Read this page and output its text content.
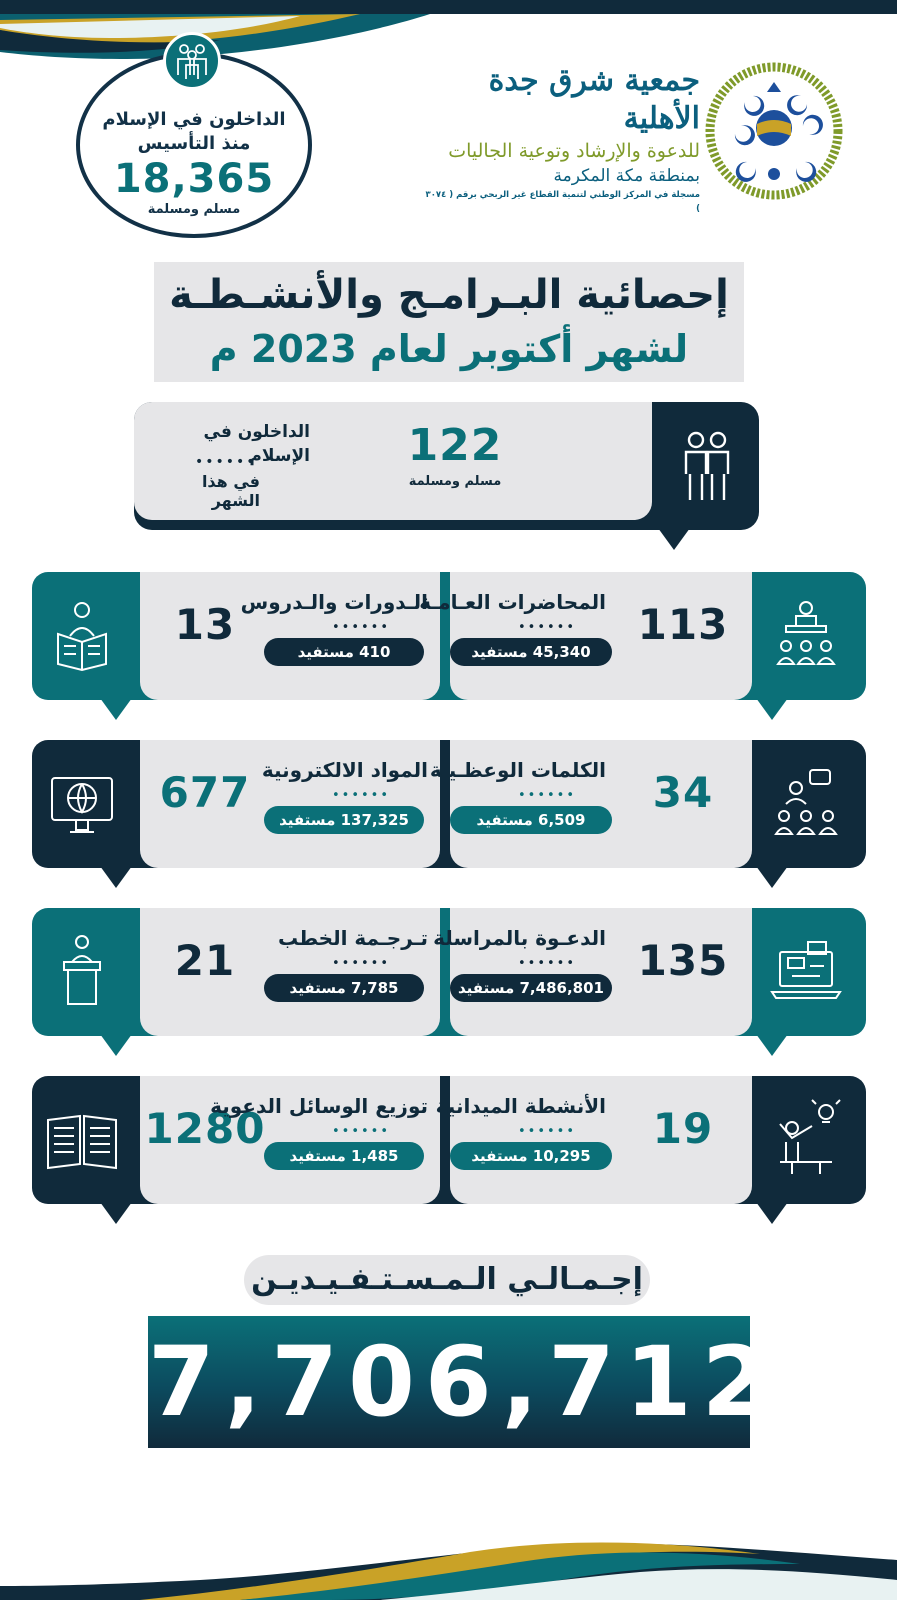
الداخلون في الإسلام
منذ التأسيس
18,365
مسلم ومسلمة
جمعية شرق جدة الأهلية
للدعوة والإرشاد وتوعية الجاليات
بمنطقة مكة المكرمة
مسجلة في المركز الوطني لتنمية القطاع غير الربحي برقم ( ٣٠٧٤ )
إحصائية البـرامـج والأنشـطـة
لشهر أكتوبر لعام 2023 م
122
مسلم ومسلمة
الداخلون في الإسلام
••••••
في هذا الشهر
13 الـدورات والـدروس
••••••
410 مستفيد
113
المحاضرات العـامـة
••••••
45,340 مستفيد
677 المواد الالكترونية
••••••
137,325 مستفيد
34
الكلمات الوعظـيـة
••••••
6,509 مستفيد
21	تـرجـمة الخطب
••••••
7,785 مستفيد
135
الدعـوة بالمراسلة
••••••
7,486,801 مستفيد
1280
توزيع الوسائل الدعوية
••••••
1,485 مستفيد
19
الأنشطة الميدانية
••••••
10,295 مستفيد
إجـمـالـي الـمـسـتـفـيـديـن
7,706,712
